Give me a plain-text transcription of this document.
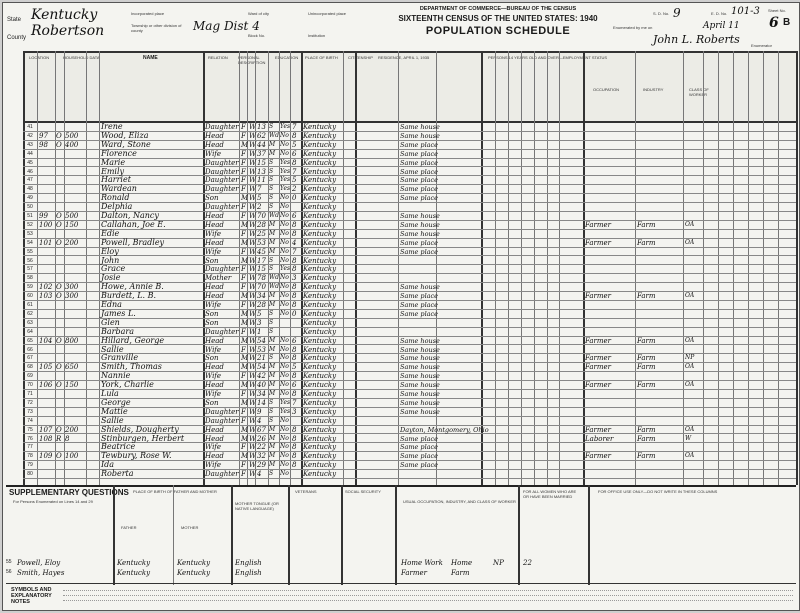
State Kentucky
County Robertson
Incorporated place
Township or other division of county	Mag Dist 4
Ward of city
Block No.
Unincorporated place
Institution
DEPARTMENT OF COMMERCE—BUREAU OF THE CENSUS
SIXTEENTH CENSUS OF THE UNITED STATES: 1940
POPULATION SCHEDULE
S. D. No. 9	E. D. No. 101-3 Sheet No.
6 B
Enumerated by me on	April 11
John L. Roberts	Enumerator
LOCATION	HOUSEHOLD DATA	NAME	RELATION	PERSONAL DESCRIPTION
EDUCATION PLACE OF BIRTH	CITIZENSHIP RESIDENCE, APRIL 1, 1935	PERSONS 14 YEARS OLD AND OVER—EMPLOYMENT STATUS
OCCUPATION	INDUSTRY	CLASS OF WORKER
41	Irene	Daughter F W 13 S	Yes 7 Kentucky	Same house
42 97	O 500	Wood, Eliza	Head	F W 62 Wd No 8 Kentucky	Same house
43 98	O 400	Ward, Stone	Head	M W 44 M No 5 Kentucky	Same place
44	Florence	Wife	F W 37 M No 6 Kentucky	Same place
45	Marie	Daughter F W 15 S	Yes 8 Kentucky	Same place
46	Emily	Daughter F W 13 S	Yes 7 Kentucky	Same place
47	Harriet	Daughter F W 11 S	Yes 5 Kentucky	Same place
48	Wardean	Daughter F W 7	S	Yes 2 Kentucky	Same place
49	Ronald	Son	M W 5	S	No 0 Kentucky	Same place
50	Delphia	Daughter F W 2	S	No Kentucky
51 99	O 500	Dalton, Nancy	Head	F W 70 Wd No 6 Kentucky	Same house
52 100 O 150	Callahan, Joe E.	Head	M W 28 M No 8 Kentucky	Same house	Farmer	Farm	OA
53	Edie	Wife	F W 25 M No 8 Kentucky	Same house
54 101 O 200	Powell, Bradley	Head	M W 53 M No 4 Kentucky	Same place	Farmer	Farm	OA
55	Eloy	Wife	F W 45 M No 7 Kentucky	Same place
56	John	Son	M W 17 S	No 8 Kentucky
57	Grace	Daughter F W 15 S	Yes 8 Kentucky
58	Josie	Mother	F W 78 Wd No 3 Kentucky
59 102 O 300	Howe, Annie B.	Head	F W 70 Wd No 8 Kentucky	Same house
60 103 O 300	Burdett, L. B.	Head	M W 34 M No 8 Kentucky	Same place	Farmer	Farm	OA
61	Edna	Wife	F W 28 M No 8 Kentucky	Same place
62	James L.	Son	M W 5	S	No 0 Kentucky	Same place
63	Glen	Son	M W 3	S	Kentucky
64	Barbara	Daughter F W 1	S	Kentucky
65 104 O 800	Hillard, George	Head	M W 54 M No 6 Kentucky	Same house	Farmer	Farm	OA
66	Sallie	Wife	F W 53 M No 8 Kentucky	Same house
67	Granville	Son	M W 21 S	No 8 Kentucky	Same house	Farmer	Farm	NP
68 105 O 650	Smith, Thomas	Head	M W 54 M No 5 Kentucky	Same house	Farmer	Farm	OA
69	Nannie	Wife	F W 42 M No 8 Kentucky	Same house
70 106 O 150	York, Charlie	Head	M W 40 M No 6 Kentucky	Same house	Farmer	Farm	OA
71	Lula	Wife	F W 34 M No 8 Kentucky	Same house
72	George	Son	M W 14 S	Yes 7 Kentucky	Same house
73	Mattie	Daughter F W 9	S	Yes 3 Kentucky	Same house
74	Sallie	Daughter F W 4	S	No Kentucky
75 107 O 200	Shields, Dougherty	Head	M W 67 M No 8 Kentucky	Dayton, Montgomery, Ohio	Farmer	Farm	OA
76 108 R 8	Stinburgen, Herbert	Head	M W 26 M No 8 Kentucky	Same place	Laborer	Farm	W
77	Beatrice	Wife	F W 22 M No 8 Kentucky	Same place
78 109 O 100	Tewbury, Rose W.	Head	M W 32 M No 8 Kentucky	Same place	Farmer	Farm	OA
79	Ida	Wife	F W 29 M No 8 Kentucky	Same place
80	Roberta	Daughter F W 4	S	No Kentucky
SUPPLEMENTARY QUESTIONS
For Persons Enumerated on Lines 14 and 29
PLACE OF BIRTH OF FATHER AND MOTHER
FATHER	MOTHER
MOTHER TONGUE (OR NATIVE LANGUAGE)
VETERANS	SOCIAL SECURITY
USUAL OCCUPATION, INDUSTRY, AND CLASS OF WORKER
FOR ALL WOMEN WHO ARE OR HAVE BEEN MARRIED
FOR OFFICE USE ONLY—DO NOT WRITE IN THESE COLUMNS
55 Powell, Eloy	Kentucky	Kentucky	English	Home Work	Home	NP	22
56 Smith, Hayes	Kentucky	Kentucky	English	Farmer	Farm
SYMBOLS AND EXPLANATORY NOTES
